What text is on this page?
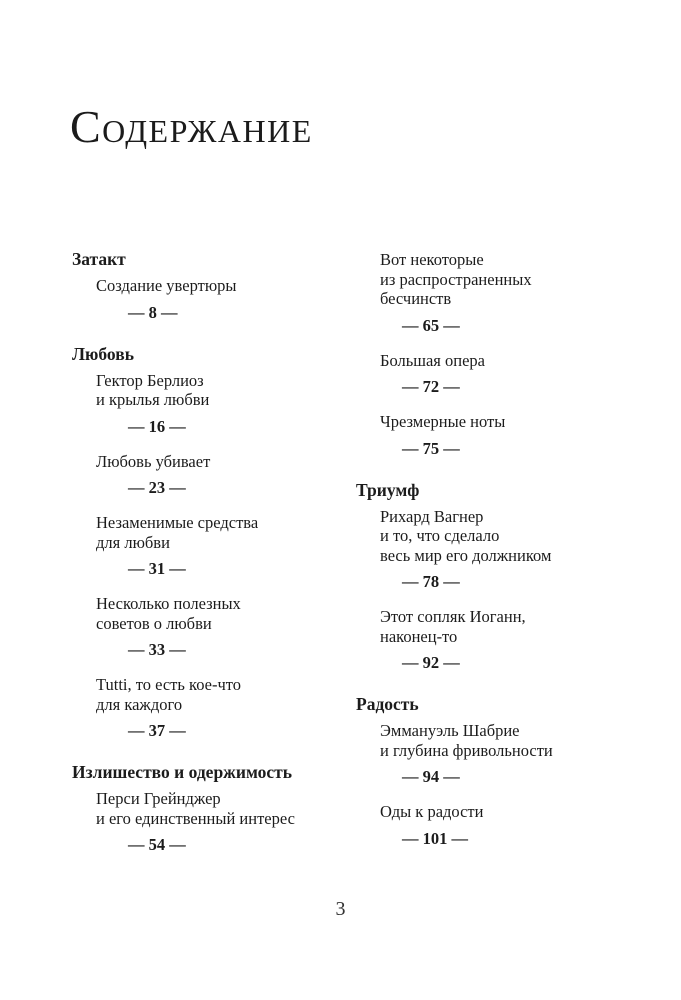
Содержание
Затакт
Создание увертюры
— 8 —
Любовь
Гектор Берлиоз
и крылья любви
— 16 —
Любовь убивает
— 23 —
Незаменимые средства
для любви
— 31 —
Несколько полезных
советов о любви
— 33 —
Tutti, то есть кое-что
для каждого
— 37 —
Излишество и одержимость
Перси Грейнджер
и его единственный интерес
— 54 —
Вот некоторые
из распространенных
бесчинств
— 65 —
Большая опера
— 72 —
Чрезмерные ноты
— 75 —
Триумф
Рихард Вагнер
и то, что сделало
весь мир его должником
— 78 —
Этот сопляк Иоганн,
наконец-то
— 92 —
Радость
Эммануэль Шабрие
и глубина фривольности
— 94 —
Оды к радости
— 101 —
3
